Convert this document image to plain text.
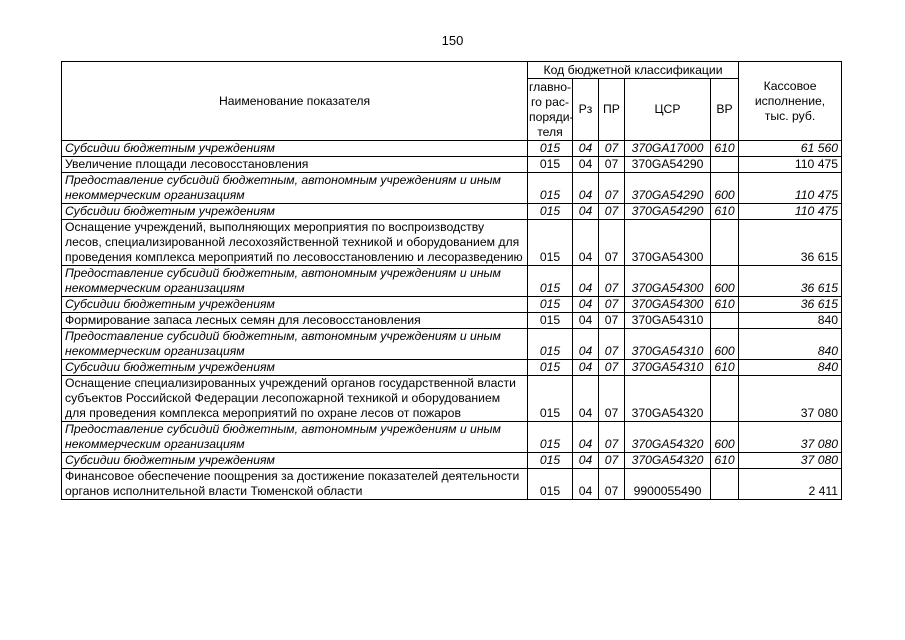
150
Наименование показателя	Код бюджетной классификации					Кассовое исполнение, тыс. руб.
	главно-го рас-поряди-теля	Рз	ПР	ЦСР	ВР	
Субсидии бюджетным учреждениям	015	04	07	370GA17000	610	61 560
Увеличение площади лесовосстановления	015	04	07	370GA54290		110 475
Предоставление субсидий бюджетным, автономным учреждениям и иным некоммерческим организациям	015	04	07	370GA54290	600	110 475
Субсидии бюджетным учреждениям	015	04	07	370GA54290	610	110 475
Оснащение учреждений, выполняющих мероприятия по воспроизводству лесов, специализированной лесохозяйственной техникой и оборудованием для проведения комплекса мероприятий по лесовосстановлению и лесоразведению	015	04	07	370GA54300		36 615
Предоставление субсидий бюджетным, автономным учреждениям и иным некоммерческим организациям	015	04	07	370GA54300	600	36 615
Субсидии бюджетным учреждениям	015	04	07	370GA54300	610	36 615
Формирование запаса лесных семян для лесовосстановления	015	04	07	370GA54310		840
Предоставление субсидий бюджетным, автономным учреждениям и иным некоммерческим организациям	015	04	07	370GA54310	600	840
Субсидии бюджетным учреждениям	015	04	07	370GA54310	610	840
Оснащение специализированных учреждений органов государственной власти субъектов Российской Федерации лесопожарной техникой и оборудованием для проведения комплекса мероприятий по охране лесов от пожаров	015	04	07	370GA54320		37 080
Предоставление субсидий бюджетным, автономным учреждениям и иным некоммерческим организациям	015	04	07	370GA54320	600	37 080
Субсидии бюджетным учреждениям	015	04	07	370GA54320	610	37 080
Финансовое обеспечение поощрения за достижение показателей деятельности органов исполнительной власти Тюменской области	015	04	07	9900055490		2 411
